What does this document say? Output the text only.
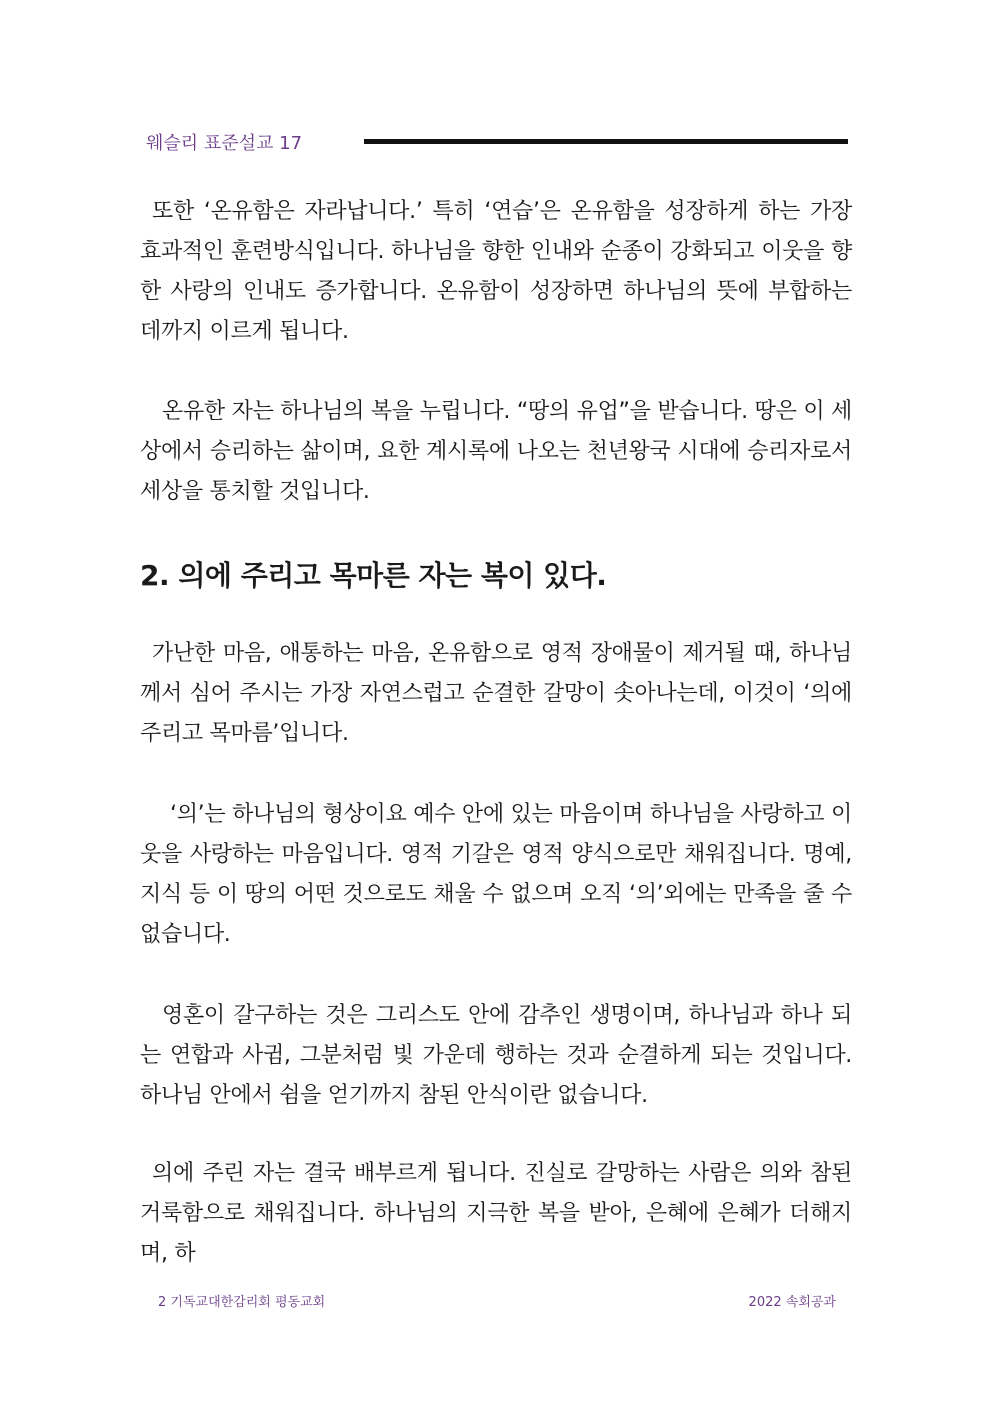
웨슬리 표준설교 17
또한 ‘온유함은 자라납니다.’ 특히 ‘연습’은 온유함을 성장하게 하는 가장 효과적인 훈련방식입니다. 하나님을 향한 인내와 순종이 강화되고 이웃을 향한 사랑의 인내도 증가합니다. 온유함이 성장하면 하나님의 뜻에 부합하는 데까지 이르게 됩니다.
온유한 자는 하나님의 복을 누립니다. “땅의 유업”을 받습니다. 땅은 이 세상에서 승리하는 삶이며, 요한 계시록에 나오는 천년왕국 시대에 승리자로서 세상을 통치할 것입니다.
2. 의에 주리고 목마른 자는 복이 있다.
가난한 마음, 애통하는 마음, 온유함으로 영적 장애물이 제거될 때, 하나님께서 심어 주시는 가장 자연스럽고 순결한 갈망이 솟아나는데, 이것이 ‘의에 주리고 목마름’입니다.
‘의’는 하나님의 형상이요 예수 안에 있는 마음이며 하나님을 사랑하고 이웃을 사랑하는 마음입니다. 영적 기갈은 영적 양식으로만 채워집니다. 명예, 지식 등 이 땅의 어떤 것으로도 채울 수 없으며 오직 ‘의’외에는 만족을 줄 수 없습니다.
영혼이 갈구하는 것은 그리스도 안에 감추인 생명이며, 하나님과 하나 되는 연합과 사귐, 그분처럼 빛 가운데 행하는 것과 순결하게 되는 것입니다. 하나님 안에서 쉼을 얻기까지 참된 안식이란 없습니다.
의에 주린 자는 결국 배부르게 됩니다. 진실로 갈망하는 사람은 의와 참된 거룩함으로 채워집니다. 하나님의 지극한 복을 받아, 은혜에 은혜가 더해지며, 하
2 기독교대한감리회 평동교회	2022 속회공과
